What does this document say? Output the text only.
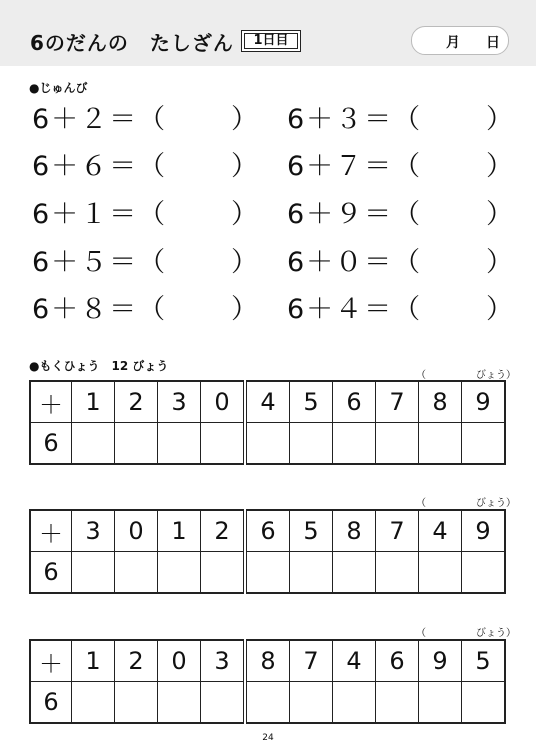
6のだんの　たしざん	1日目	月 日
●じゅんび
6＋２＝（ ） 6＋３＝（ ）
6＋６＝（ ） 6＋７＝（ ）
6＋１＝（ ） 6＋９＝（ ）
6＋５＝（ ） 6＋０＝（ ）
6＋８＝（ ） 6＋４＝（ ）
●もくひょう　12 びょう
（	びょう）
＋	1	2	3	0	4	5	6	7	8	9
6										
（	びょう）
＋	3	0	1	2	6	5	8	7	4	9
6										
（	びょう）
＋	1	2	0	3	8	7	4	6	9	5
6										
24
